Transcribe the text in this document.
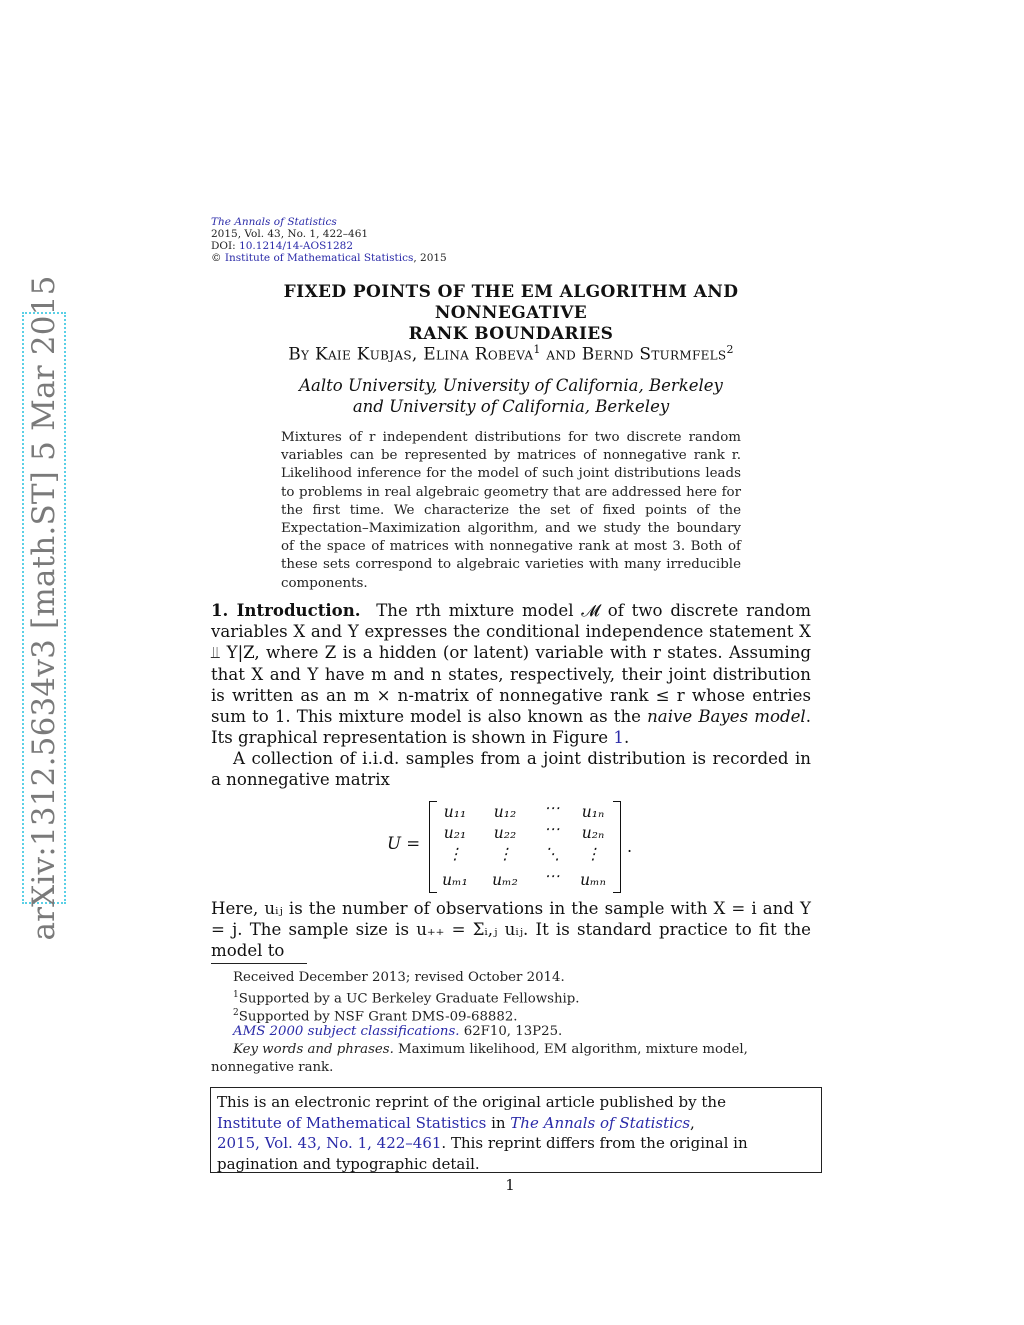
arXiv:1312.5634v3 [math.ST] 5 Mar 2015
The Annals of Statistics
2015, Vol. 43, No. 1, 422–461
DOI: 10.1214/14-AOS1282
© Institute of Mathematical Statistics, 2015
FIXED POINTS OF THE EM ALGORITHM AND NONNEGATIVE
RANK BOUNDARIES
By Kaie Kubjas, Elina Robeva$^1$ and Bernd Sturmfels$^2$
Aalto University, University of California, Berkeley
and University of California, Berkeley
Mixtures of r independent distributions for two discrete random variables can be represented by matrices of nonnegative rank r. Likelihood inference for the model of such joint distributions leads to problems in real algebraic geometry that are addressed here for the first time. We characterize the set of fixed points of the Expectation–Maximization algorithm, and we study the boundary of the space of matrices with nonnegative rank at most 3. Both of these sets correspond to algebraic varieties with many irreducible components.
1. Introduction. The rth mixture model 𝓜 of two discrete random variables X and Y expresses the conditional independence statement X ⫫ Y|Z, where Z is a hidden (or latent) variable with r states. Assuming that X and Y have m and n states, respectively, their joint distribution is written as an m × n-matrix of nonnegative rank ≤ r whose entries sum to 1. This mixture model is also known as the naive Bayes model. Its graphical representation is shown in Figure 1.
A collection of i.i.d. samples from a joint distribution is recorded in a nonnegative matrix
U =
u₁₁	u₁₂	⋯	u₁ₙ
u₂₁	u₂₂	⋯	u₂ₙ
⋮	⋮	⋱	⋮
uₘ₁	uₘ₂	⋯	uₘₙ
.
Here, uᵢⱼ is the number of observations in the sample with X = i and Y = j. The sample size is u₊₊ = Σᵢ,ⱼ uᵢⱼ. It is standard practice to fit the model to
Received December 2013; revised October 2014.
$^1$Supported by a UC Berkeley Graduate Fellowship.
$^2$Supported by NSF Grant DMS-09-68882.
AMS 2000 subject classifications. 62F10, 13P25.
Key words and phrases. Maximum likelihood, EM algorithm, mixture model, nonnegative rank.
This is an electronic reprint of the original article published by the
Institute of Mathematical Statistics in The Annals of Statistics,
2015, Vol. 43, No. 1, 422–461. This reprint differs from the original in pagination and typographic detail.
1
